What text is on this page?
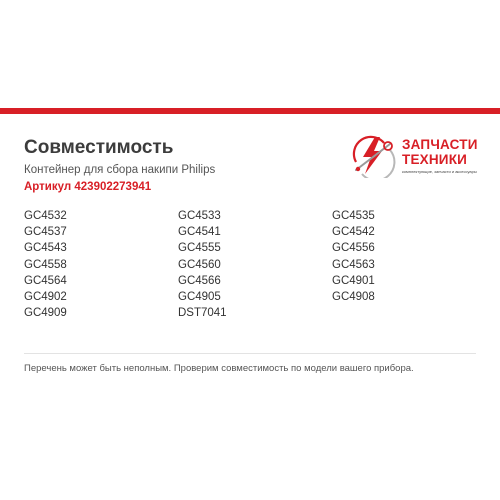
Совместимость
Контейнер для сбора накипи Philips
Артикул 423902273941
ЗАПЧАСТИ
ТЕХНИКИ
комплектующие, запчасти и аксессуары
GC4532
GC4537
GC4543
GC4558
GC4564
GC4902
GC4909
GC4533
GC4541
GC4555
GC4560
GC4566
GC4905
DST7041
GC4535
GC4542
GC4556
GC4563
GC4901
GC4908
Перечень может быть неполным. Проверим совместимость по модели вашего прибора.
